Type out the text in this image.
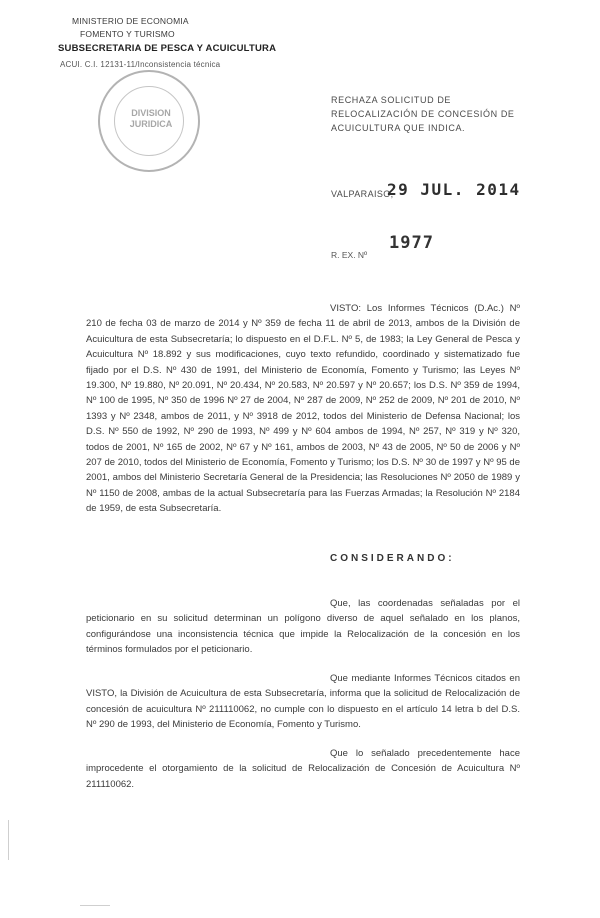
MINISTERIO DE ECONOMIA
FOMENTO Y TURISMO
SUBSECRETARIA DE PESCA Y ACUICULTURA
ACUI. C.I. 12131-11/Inconsistencia técnica
DIVISION
JURIDICA
RECHAZA SOLICITUD DE RELOCALIZACIÓN DE CONCESIÓN DE ACUICULTURA QUE INDICA.
VALPARAISO,
29 JUL. 2014
R. EX. Nº
1977
VISTO: Los Informes Técnicos (D.Ac.) Nº 210 de fecha 03 de marzo de 2014 y Nº 359 de fecha 11 de abril de 2013, ambos de la División de Acuicultura de esta Subsecretaría; lo dispuesto en el D.F.L. Nº 5, de 1983; la Ley General de Pesca y Acuicultura Nº 18.892 y sus modificaciones, cuyo texto refundido, coordinado y sistematizado fue fijado por el D.S. Nº 430 de 1991, del Ministerio de Economía, Fomento y Turismo; las Leyes Nº 19.300, Nº 19.880, Nº 20.091, Nº 20.434, Nº 20.583, Nº 20.597 y Nº 20.657; los D.S. Nº 359 de 1994, Nº 100 de 1995, Nº 350 de 1996 Nº 27 de 2004, Nº 287 de 2009, Nº 252 de 2009, Nº 201 de 2010, Nº 1393 y Nº 2348, ambos de 2011, y Nº 3918 de 2012, todos del Ministerio de Defensa Nacional; los D.S. Nº 550 de 1992, Nº 290 de 1993, Nº 499 y Nº 604 ambos de 1994, Nº 257, Nº 319 y Nº 320, todos de 2001, Nº 165 de 2002, Nº 67 y Nº 161, ambos de 2003, Nº 43 de 2005, Nº 50 de 2006 y Nº 207 de 2010, todos del Ministerio de Economía, Fomento y Turismo; los D.S. Nº 30 de 1997 y Nº 95 de 2001, ambos del Ministerio Secretaría General de la Presidencia; las Resoluciones Nº 2050 de 1989 y Nº 1150 de 2008, ambas de la actual Subsecretaría para las Fuerzas Armadas; la Resolución Nº 2184 de 1959, de esta Subsecretaría.
CONSIDERANDO:
Que, las coordenadas señaladas por el peticionario en su solicitud determinan un polígono diverso de aquel señalado en los planos, configurándose una inconsistencia técnica que impide la Relocalización de la concesión en los términos formulados por el peticionario.
Que mediante Informes Técnicos citados en VISTO, la División de Acuicultura de esta Subsecretaría, informa que la solicitud de Relocalización de concesión de acuicultura Nº 211110062, no cumple con lo dispuesto en el artículo 14 letra b del D.S. Nº 290 de 1993, del Ministerio de Economía, Fomento y Turismo.
Que lo señalado precedentemente hace improcedente el otorgamiento de la solicitud de Relocalización de Concesión de Acuicultura Nº 211110062.
